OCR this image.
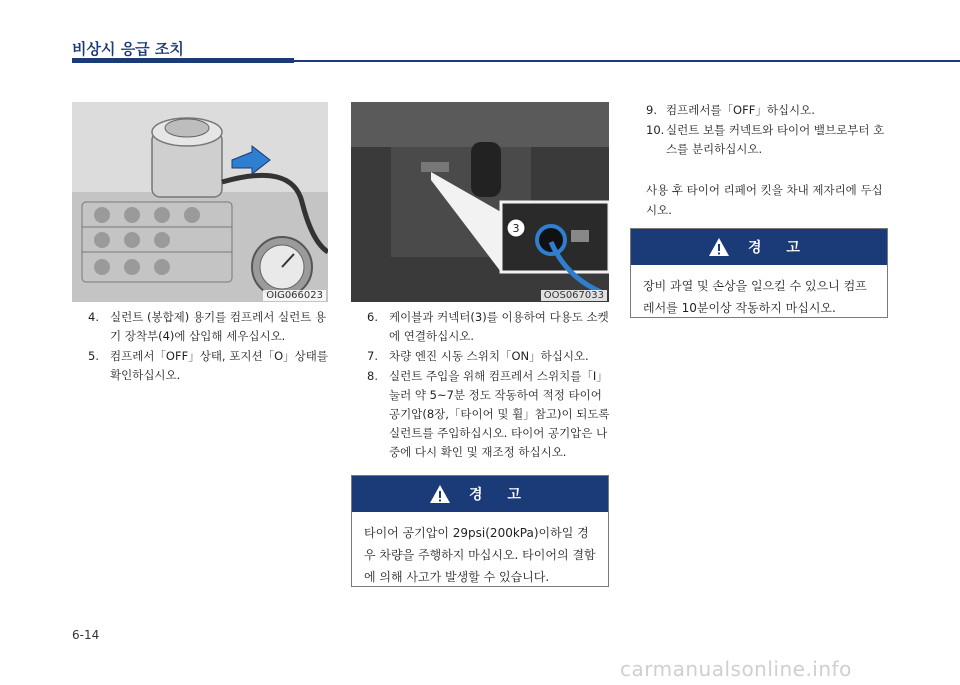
비상시 응급 조치
OIG066023
3
OOS067033
4. 실런트 (봉합제) 용기를 컴프레서 실런트 용기 장착부(4)에 삽입해 세우십시오.
5. 컴프레서「OFF」상태, 포지션「O」상태를 확인하십시오.
6. 케이블과 커넥터(3)를 이용하여 다용도 소켓에 연결하십시오.
7. 차량 엔진 시동 스위치「ON」하십시오.
8. 실런트 주입을 위해 컴프레서 스위치를「I」눌러 약 5~7분 정도 작동하여 적정 타이어 공기압(8장,「타이어 및 휠」참고)이 되도록 실런트를 주입하십시오. 타이어 공기압은 나중에 다시 확인 및 재조정 하십시오.
경 고
타이어 공기압이 29psi(200kPa)이하일 경우 차량을 주행하지 마십시오. 타이어의 결함에 의해 사고가 발생할 수 있습니다.
9. 컴프레서를「OFF」하십시오.
10. 실런트 보틀 커넥트와 타이어 밸브로부터 호스를 분리하십시오.

사용 후 타이어 리페어 킷을 차내 제자리에 두십시오.

경 고
장비 과열 및 손상을 일으킬 수 있으니 컴프레서를 10분이상 작동하지 마십시오.
6-14
carmanualsonline.info
